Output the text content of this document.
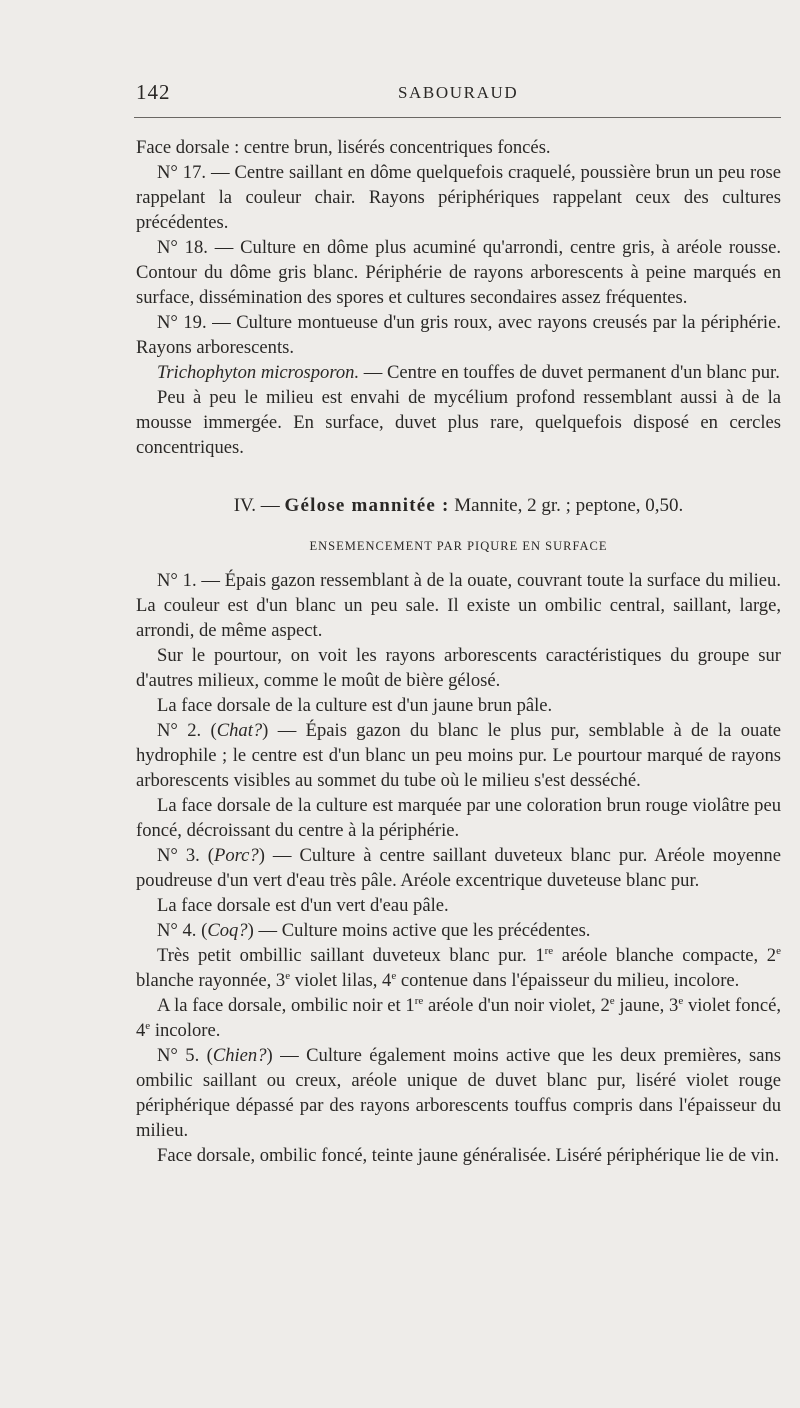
142	SABOURAUD

Face dorsale : centre brun, lisérés concentriques foncés.

N° 17. — Centre saillant en dôme quelquefois craquelé, poussière brun un peu rose rappelant la couleur chair. Rayons périphériques rappelant ceux des cultures précédentes.

N° 18. — Culture en dôme plus acuminé qu'arrondi, centre gris, à aréole rousse. Contour du dôme gris blanc. Périphérie de rayons arborescents à peine marqués en surface, dissémination des spores et cultures secondaires assez fréquentes.

N° 19. — Culture montueuse d'un gris roux, avec rayons creusés par la périphérie. Rayons arborescents.

Trichophyton microsporon. — Centre en touffes de duvet permanent d'un blanc pur.

Peu à peu le milieu est envahi de mycélium profond ressemblant aussi à de la mousse immergée. En surface, duvet plus rare, quelquefois disposé en cercles concentriques.

IV. — Gélose mannitée : Mannite, 2 gr. ; peptone, 0,50.

ENSEMENCEMENT PAR PIQURE EN SURFACE

N° 1. — Épais gazon ressemblant à de la ouate, couvrant toute la surface du milieu. La couleur est d'un blanc un peu sale. Il existe un ombilic central, saillant, large, arrondi, de même aspect.

Sur le pourtour, on voit les rayons arborescents caractéristiques du groupe sur d'autres milieux, comme le moût de bière gélosé.

La face dorsale de la culture est d'un jaune brun pâle.

N° 2. (Chat?) — Épais gazon du blanc le plus pur, semblable à de la ouate hydrophile ; le centre est d'un blanc un peu moins pur. Le pourtour marqué de rayons arborescents visibles au sommet du tube où le milieu s'est desséché.

La face dorsale de la culture est marquée par une coloration brun rouge violâtre peu foncé, décroissant du centre à la périphérie.

N° 3. (Porc?) — Culture à centre saillant duveteux blanc pur. Aréole moyenne poudreuse d'un vert d'eau très pâle. Aréole excentrique duveteuse blanc pur.

La face dorsale est d'un vert d'eau pâle.

N° 4. (Coq?) — Culture moins active que les précédentes.

Très petit ombillic saillant duveteux blanc pur. 1re aréole blanche compacte, 2e blanche rayonnée, 3e violet lilas, 4e contenue dans l'épaisseur du milieu, incolore.

A la face dorsale, ombilic noir et 1re aréole d'un noir violet, 2e jaune, 3e violet foncé, 4e incolore.

N° 5. (Chien?) — Culture également moins active que les deux premières, sans ombilic saillant ou creux, aréole unique de duvet blanc pur, liséré violet rouge périphérique dépassé par des rayons arborescents touffus compris dans l'épaisseur du milieu.

Face dorsale, ombilic foncé, teinte jaune généralisée. Liséré périphérique lie de vin.
